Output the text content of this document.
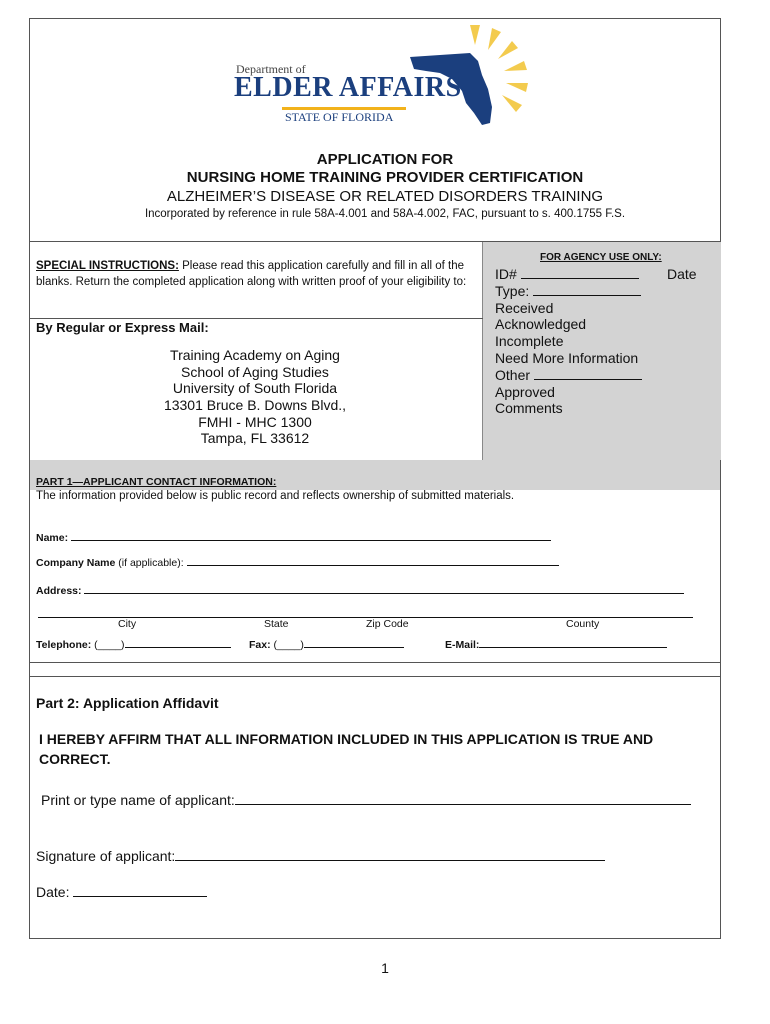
Department of
ELDER AFFAIRS
STATE OF FLORIDA
APPLICATION FOR
NURSING HOME TRAINING PROVIDER CERTIFICATION
ALZHEIMER’S DISEASE OR RELATED DISORDERS TRAINING
Incorporated by reference in rule 58A-4.001 and 58A-4.002, FAC, pursuant to s. 400.1755 F.S.
FOR AGENCY USE ONLY:
ID#	Date
Type:
Received
Acknowledged
Incomplete
Need More Information
Other
Approved
Comments
SPECIAL INSTRUCTIONS: Please read this application carefully and fill in all of the blanks. Return the completed application along with written proof of your eligibility to:
By Regular or Express Mail:
Training Academy on Aging
School of Aging Studies
University of South Florida
13301 Bruce B. Downs Blvd.,
FMHI - MHC 1300
Tampa, FL 33612
PART 1—APPLICANT CONTACT INFORMATION:
The information provided below is public record and reflects ownership of submitted materials.
Name:
Company Name (if applicable):
Address:
City	State	Zip Code	County
Telephone: (____)	Fax: (____)	E-Mail:
Part 2: Application Affidavit
I HEREBY AFFIRM THAT ALL INFORMATION INCLUDED IN THIS APPLICATION IS TRUE AND
CORRECT.
Print or type name of applicant:
Signature of applicant:
Date:
1
